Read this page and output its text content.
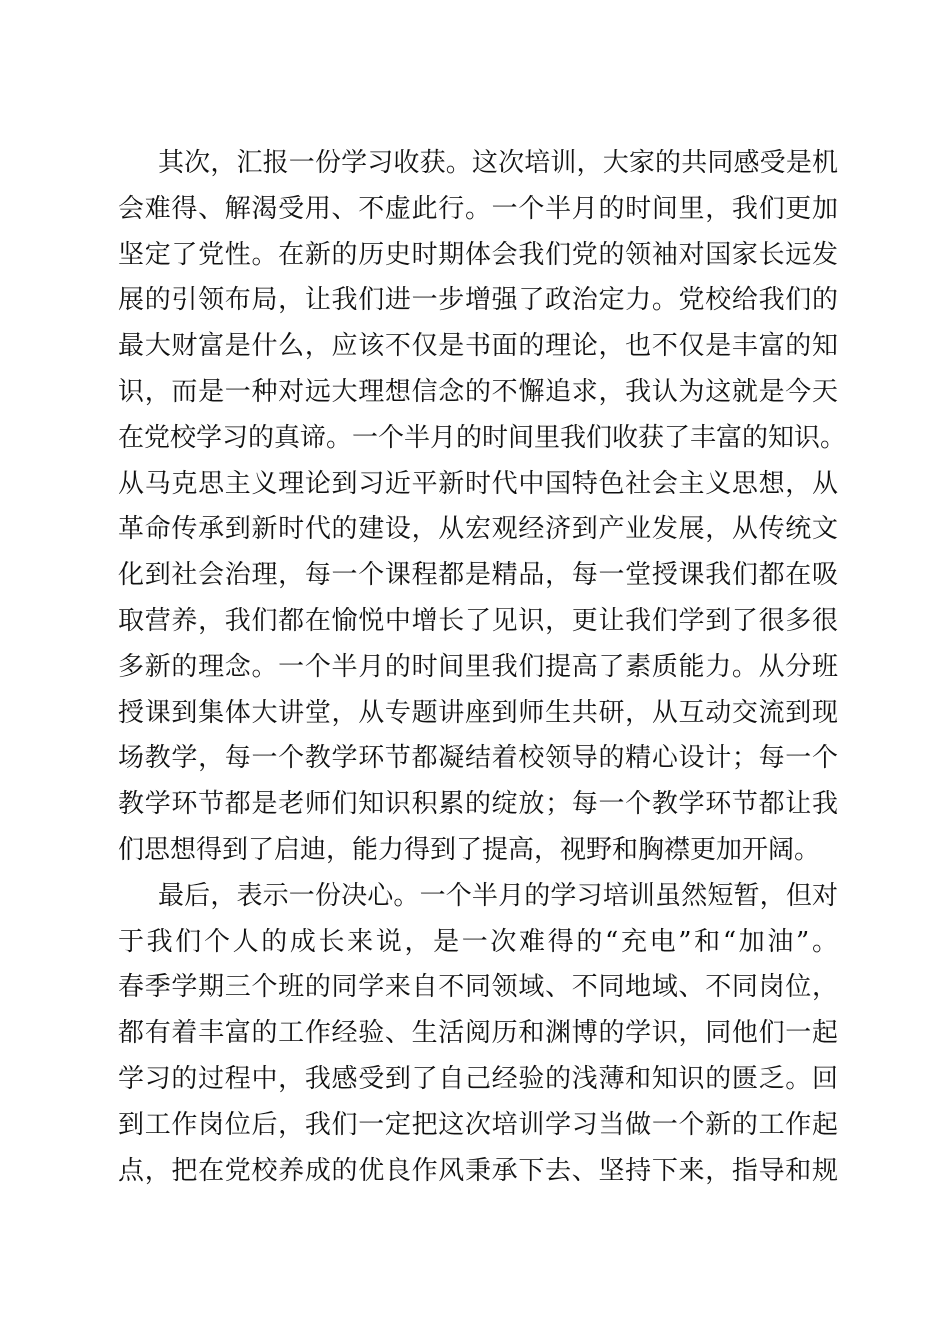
其次，汇报一份学习收获。这次培训，大家的共同感受是机
会难得、解渴受用、不虚此行。一个半月的时间里，我们更加
坚定了党性。在新的历史时期体会我们党的领袖对国家长远发
展的引领布局，让我们进一步增强了政治定力。党校给我们的
最大财富是什么，应该不仅是书面的理论，也不仅是丰富的知
识，而是一种对远大理想信念的不懈追求，我认为这就是今天
在党校学习的真谛。一个半月的时间里我们收获了丰富的知识。
从马克思主义理论到习近平新时代中国特色社会主义思想，从
革命传承到新时代的建设，从宏观经济到产业发展，从传统文
化到社会治理，每一个课程都是精品，每一堂授课我们都在吸
取营养，我们都在愉悦中增长了见识，更让我们学到了很多很
多新的理念。一个半月的时间里我们提高了素质能力。从分班
授课到集体大讲堂，从专题讲座到师生共研，从互动交流到现
场教学，每一个教学环节都凝结着校领导的精心设计；每一个
教学环节都是老师们知识积累的绽放；每一个教学环节都让我
们思想得到了启迪，能力得到了提高，视野和胸襟更加开阔。
最后，表示一份决心。一个半月的学习培训虽然短暂，但对
于我们个人的成长来说，是一次难得的“充电”和“加油”。
春季学期三个班的同学来自不同领域、不同地域、不同岗位，
都有着丰富的工作经验、生活阅历和渊博的学识，同他们一起
学习的过程中，我感受到了自己经验的浅薄和知识的匮乏。回
到工作岗位后，我们一定把这次培训学习当做一个新的工作起
点，把在党校养成的优良作风秉承下去、坚持下来，指导和规
